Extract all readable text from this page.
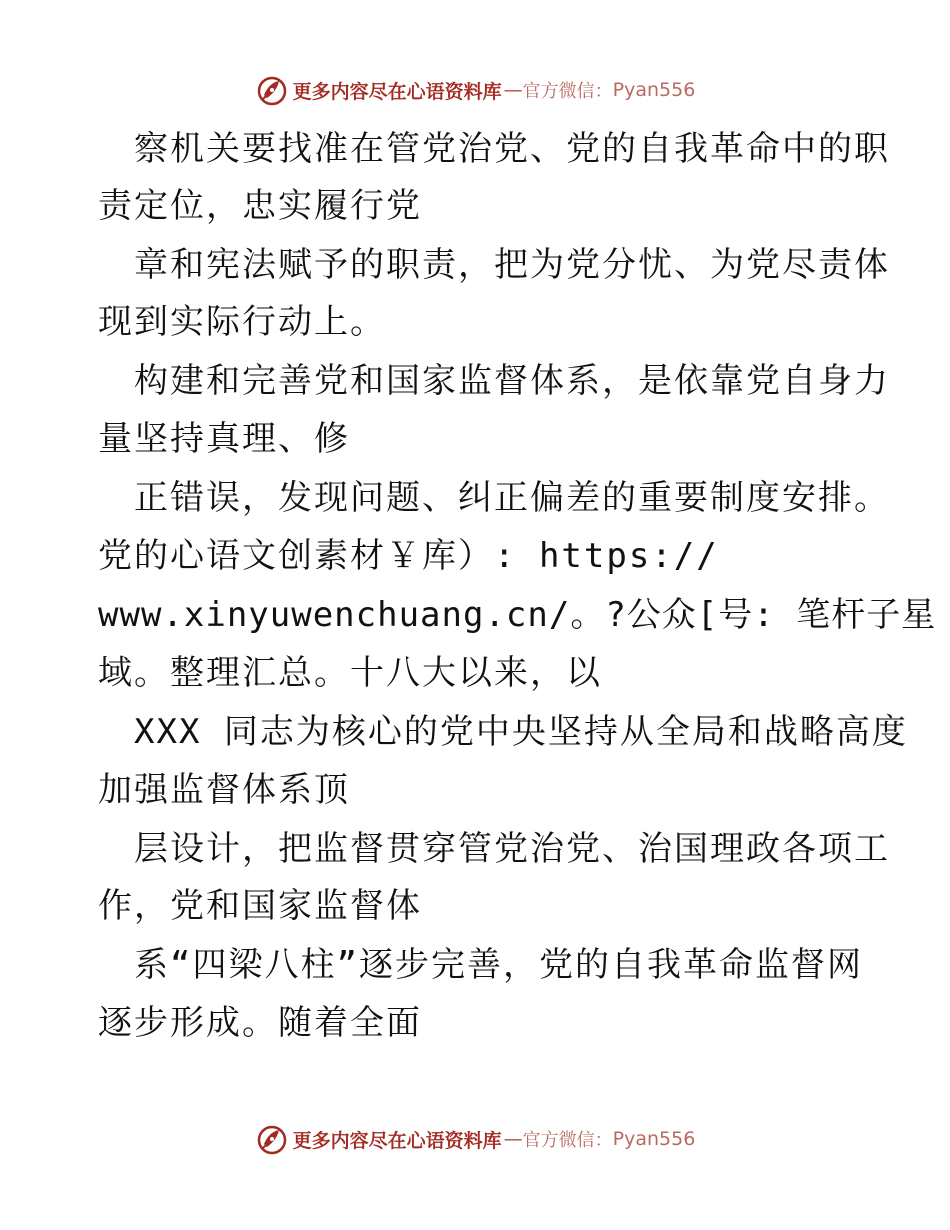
更多内容尽在心语资料库 — 官方微信： Pyan556
察机关要找准在管党治党、党的自我革命中的职
责定位，忠实履行党
章和宪法赋予的职责，把为党分忧、为党尽责体
现到实际行动上。
构建和完善党和国家监督体系，是依靠党自身力
量坚持真理、修
正错误，发现问题、纠正偏差的重要制度安排。
党的心语文创素材￥库）: https://
www.xinyuwenchuang.cn/。?公众[号: 笔杆子星
域。整理汇总。十八大以来，以
XXX 同志为核心的党中央坚持从全局和战略高度
加强监督体系顶
层设计，把监督贯穿管党治党、治国理政各项工
作，党和国家监督体
系“四梁八柱”逐步完善，党的自我革命监督网
逐步形成。随着全面
更多内容尽在心语资料库 — 官方微信： Pyan556
